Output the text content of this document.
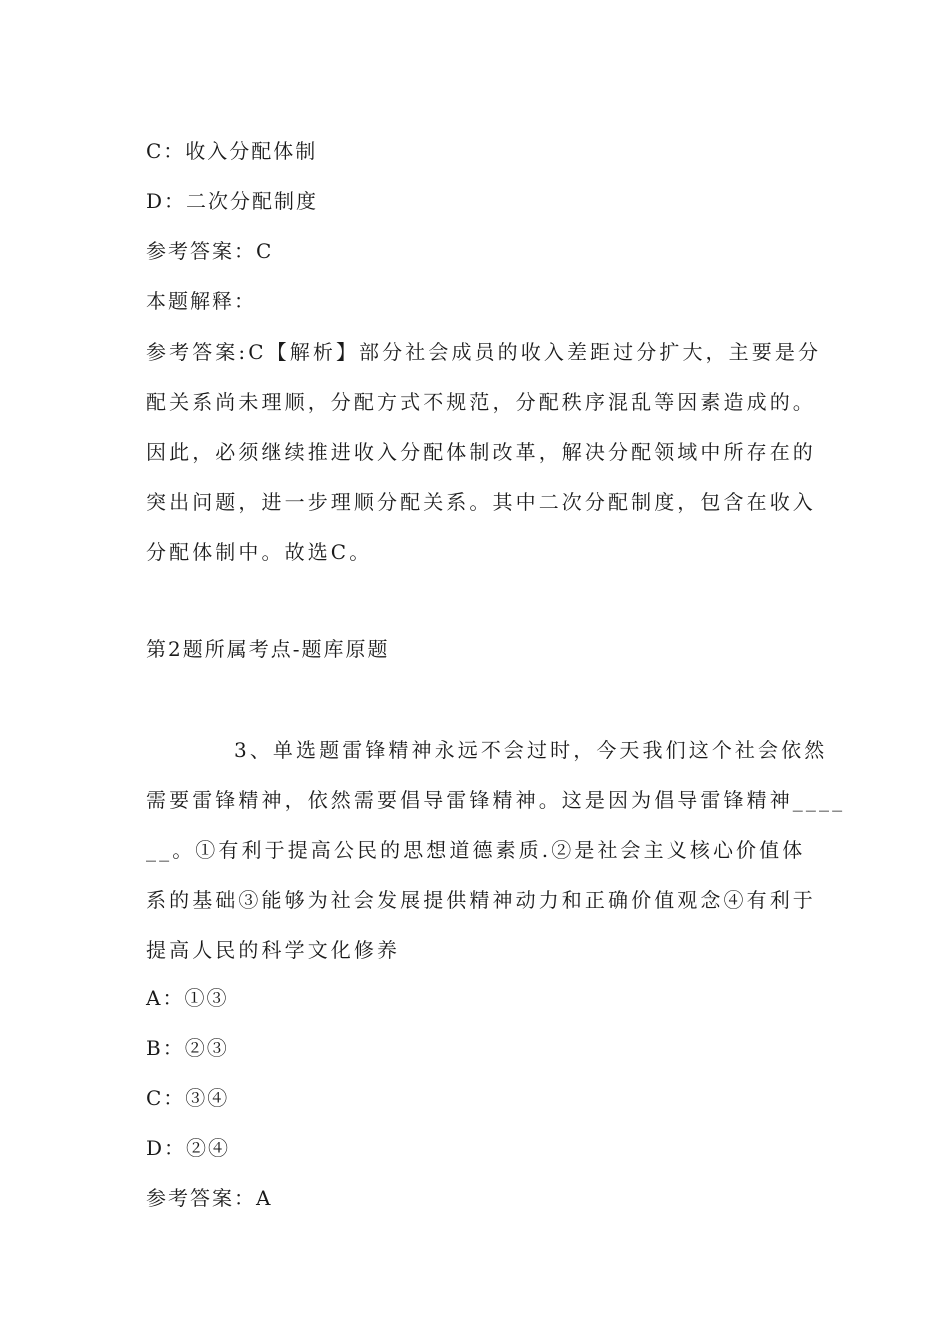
C：收入分配体制
D：二次分配制度
参考答案：C
本题解释：
参考答案:C【解析】部分社会成员的收入差距过分扩大，主要是分
配关系尚未理顺，分配方式不规范，分配秩序混乱等因素造成的。
因此，必须继续推进收入分配体制改革，解决分配领域中所存在的
突出问题，进一步理顺分配关系。其中二次分配制度，包含在收入
分配体制中。故选C。
第2题所属考点-题库原题
3、单选题雷锋精神永远不会过时，今天我们这个社会依然
需要雷锋精神，依然需要倡导雷锋精神。这是因为倡导雷锋精神____
__。①有利于提高公民的思想道德素质.②是社会主义核心价值体
系的基础③能够为社会发展提供精神动力和正确价值观念④有利于
提高人民的科学文化修养
A：①③
B：②③
C：③④
D：②④
参考答案：A
